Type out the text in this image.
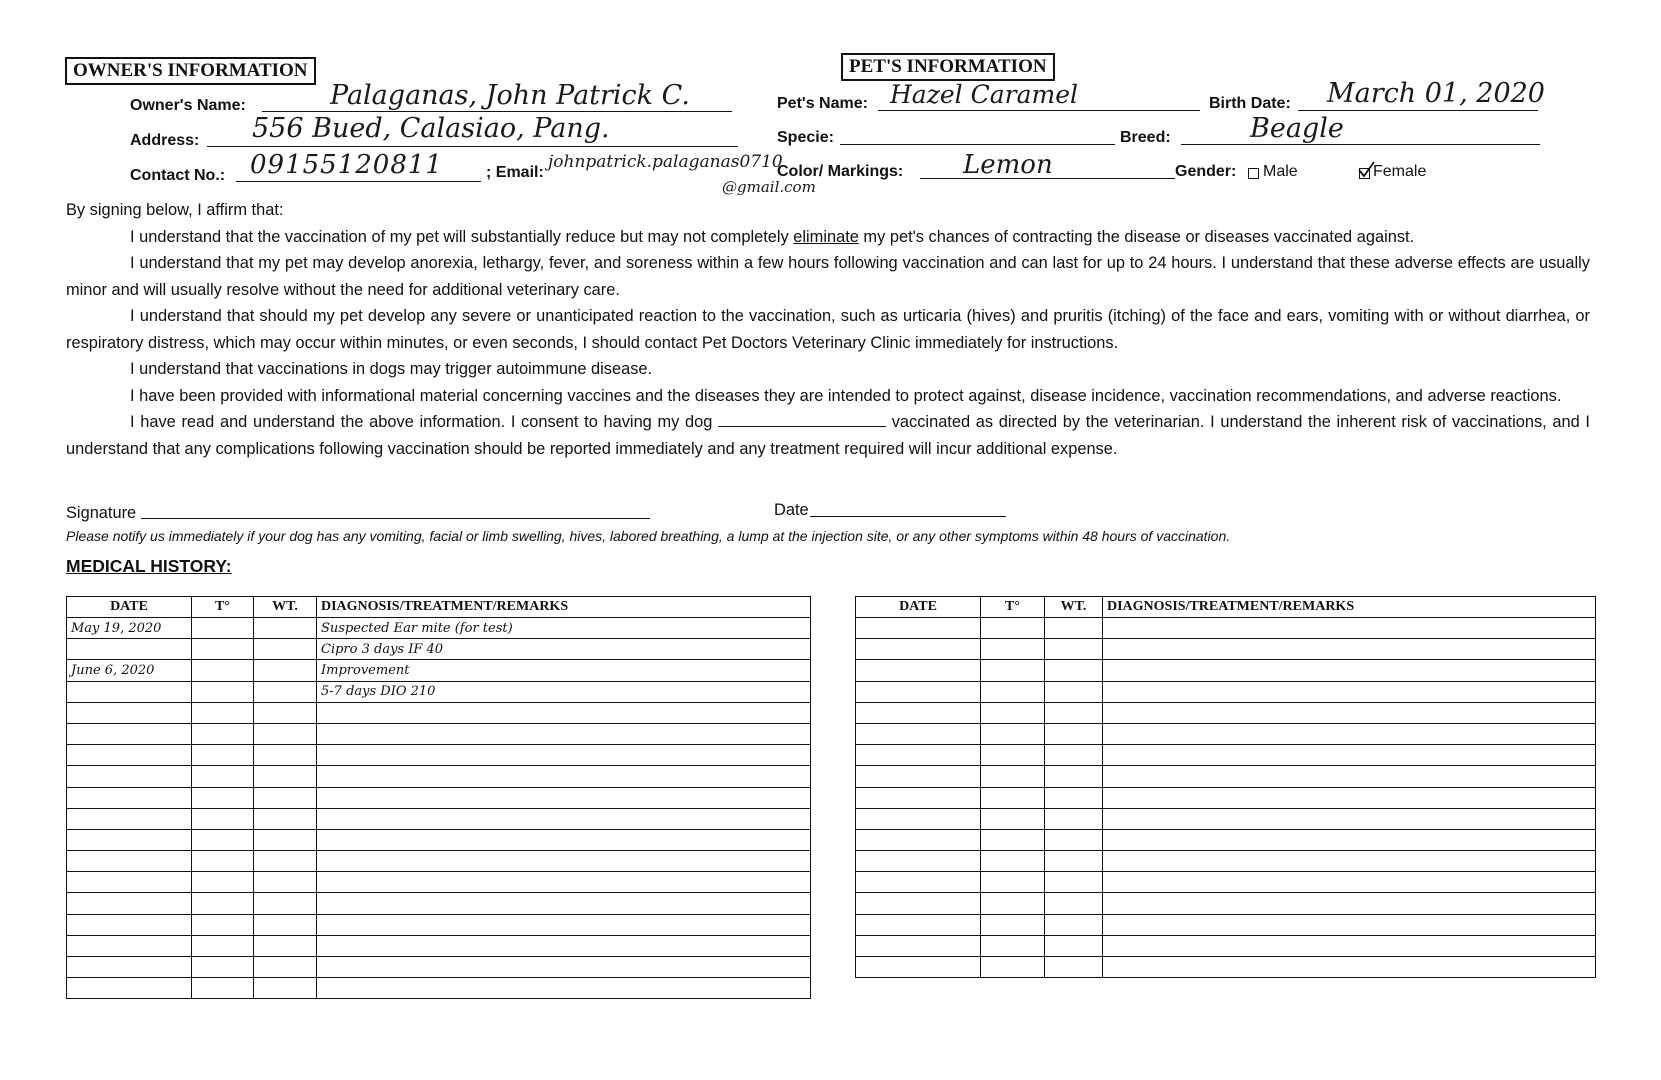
OWNER'S INFORMATION
Owner's Name:	Palaganas, John Patrick C.
Address: 556 Bued, Calasiao, Pang.
Contact No.: 09155120811	; Email:
johnpatrick.palaganas0710
@gmail.com
PET'S INFORMATION
Pet's Name: Hazel Caramel	Birth Date: March 01, 2020
Specie:	Breed:	Beagle
Color/ Markings: Lemon	Gender: Male	Female

By signing below, I affirm that:

I understand that the vaccination of my pet will substantially reduce but may not completely eliminate my pet's chances of contracting the disease or diseases vaccinated against.

I understand that my pet may develop anorexia, lethargy, fever, and soreness within a few hours following vaccination and can last for up to 24 hours. I understand that these adverse effects are usually minor and will usually resolve without the need for additional veterinary care.

I understand that should my pet develop any severe or unanticipated reaction to the vaccination, such as urticaria (hives) and pruritis (itching) of the face and ears, vomiting with or without diarrhea, or respiratory distress, which may occur within minutes, or even seconds, I should contact Pet Doctors Veterinary Clinic immediately for instructions.

I understand that vaccinations in dogs may trigger autoimmune disease.

I have been provided with informational material concerning vaccines and the diseases they are intended to protect against, disease incidence, vaccination recommendations, and adverse reactions.

I have read and understand the above information. I consent to having my dog	vaccinated as directed by the veterinarian. I understand the inherent risk of vaccinations, and I understand that any complications following vaccination should be reported immediately and any treatment required will incur additional expense.

Signature	Date
Please notify us immediately if your dog has any vomiting, facial or limb swelling, hives, labored breathing, a lump at the injection site, or any other symptoms within 48 hours of vaccination.
MEDICAL HISTORY:
DATE	T°	WT.	DIAGNOSIS/TREATMENT/REMARKS
May 19, 2020			Suspected Ear mite (for test)
			Cipro 3 days IF 40
June 6, 2020			Improvement
			5-7 days DIO 210

DATE	T°	WT.	DIAGNOSIS/TREATMENT/REMARKS
